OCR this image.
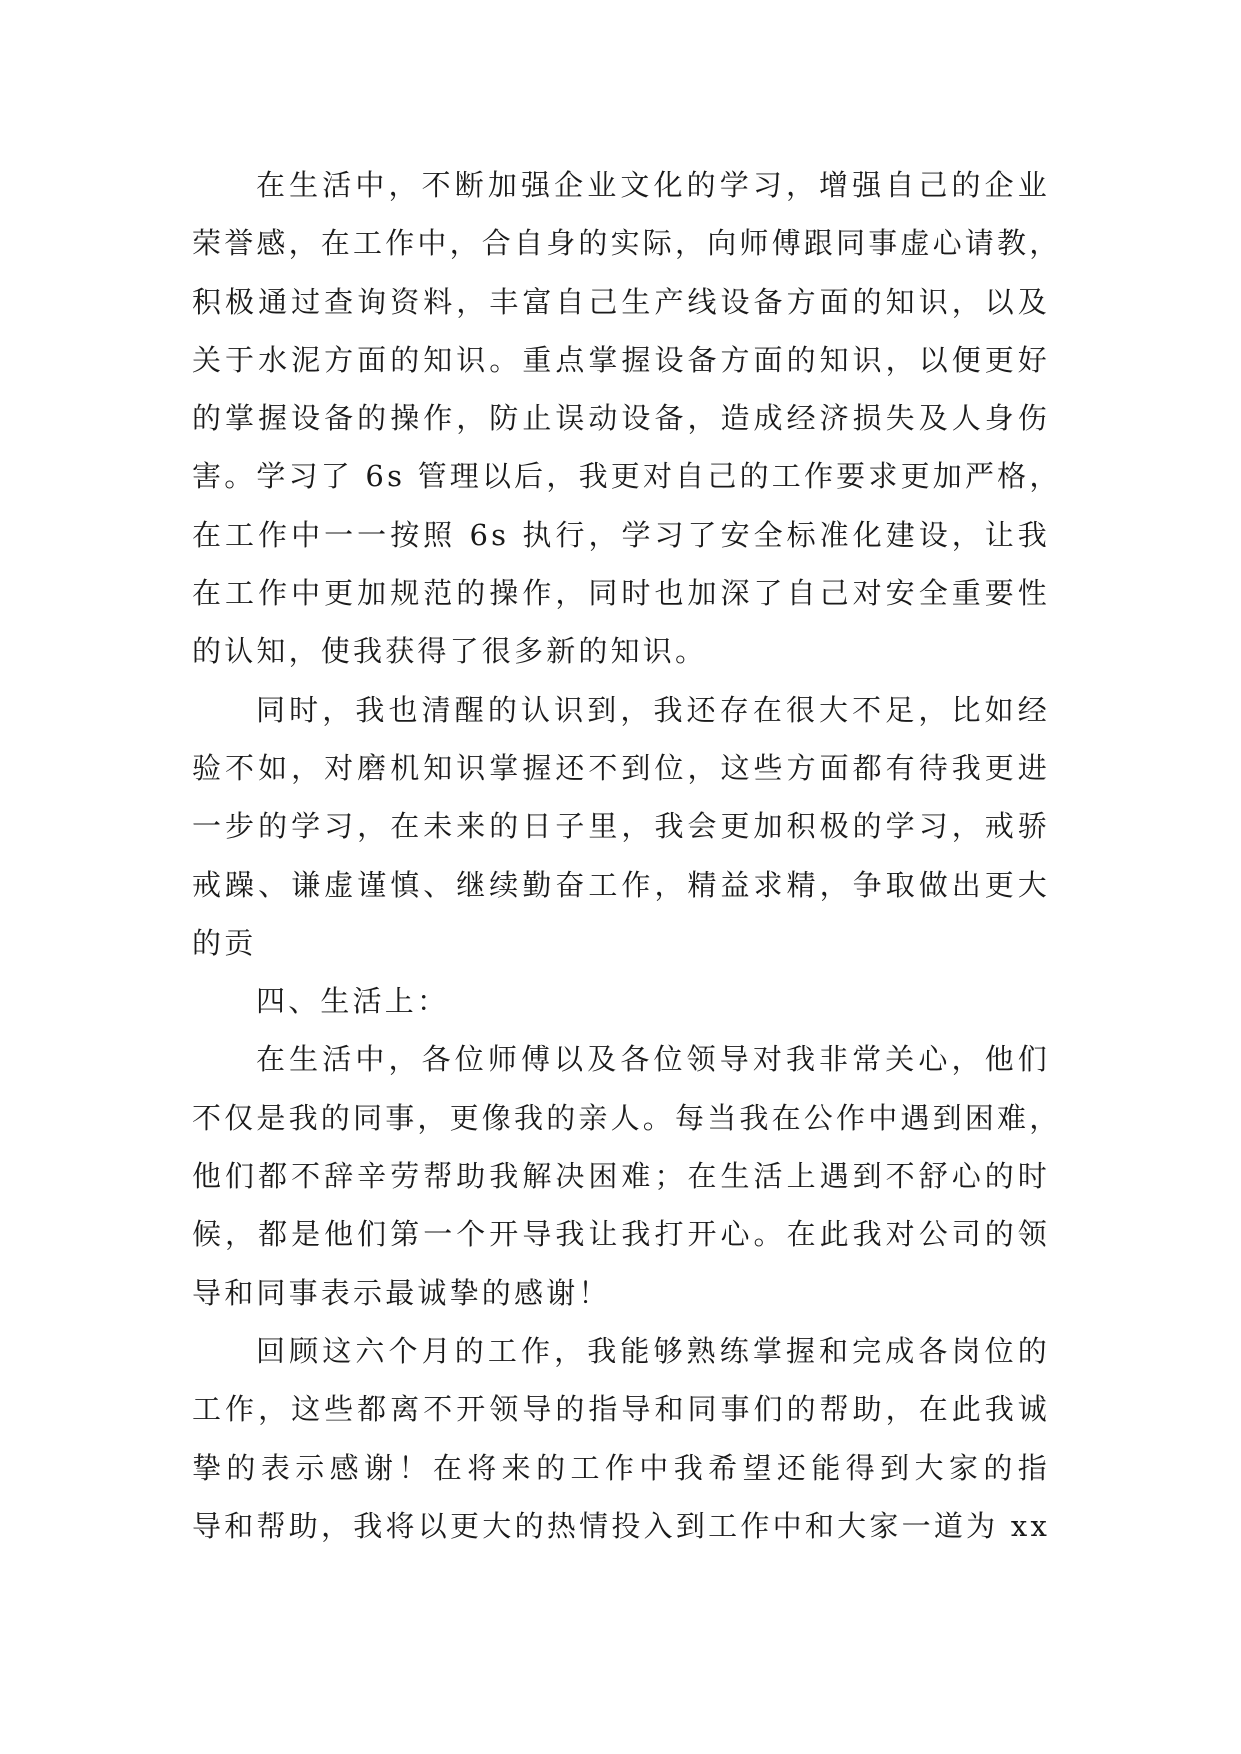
在生活中，不断加强企业文化的学习，增强自己的企业
荣誉感，在工作中，合自身的实际，向师傅跟同事虚心请教，
积极通过查询资料，丰富自己生产线设备方面的知识，以及
关于水泥方面的知识。重点掌握设备方面的知识，以便更好
的掌握设备的操作，防止误动设备，造成经济损失及人身伤
害。学习了 6s 管理以后，我更对自己的工作要求更加严格，
在工作中一一按照 6s 执行，学习了安全标准化建设，让我
在工作中更加规范的操作，同时也加深了自己对安全重要性
的认知，使我获得了很多新的知识。

同时，我也清醒的认识到，我还存在很大不足，比如经
验不如，对磨机知识掌握还不到位，这些方面都有待我更进
一步的学习，在未来的日子里，我会更加积极的学习，戒骄
戒躁、谦虚谨慎、继续勤奋工作，精益求精，争取做出更大
的贡

四、生活上：

在生活中，各位师傅以及各位领导对我非常关心，他们
不仅是我的同事，更像我的亲人。每当我在公作中遇到困难，
他们都不辞辛劳帮助我解决困难；在生活上遇到不舒心的时
候，都是他们第一个开导我让我打开心。在此我对公司的领
导和同事表示最诚挚的感谢！

回顾这六个月的工作，我能够熟练掌握和完成各岗位的
工作，这些都离不开领导的指导和同事们的帮助，在此我诚
挚的表示感谢！在将来的工作中我希望还能得到大家的指
导和帮助，我将以更大的热情投入到工作中和大家一道为 xx
